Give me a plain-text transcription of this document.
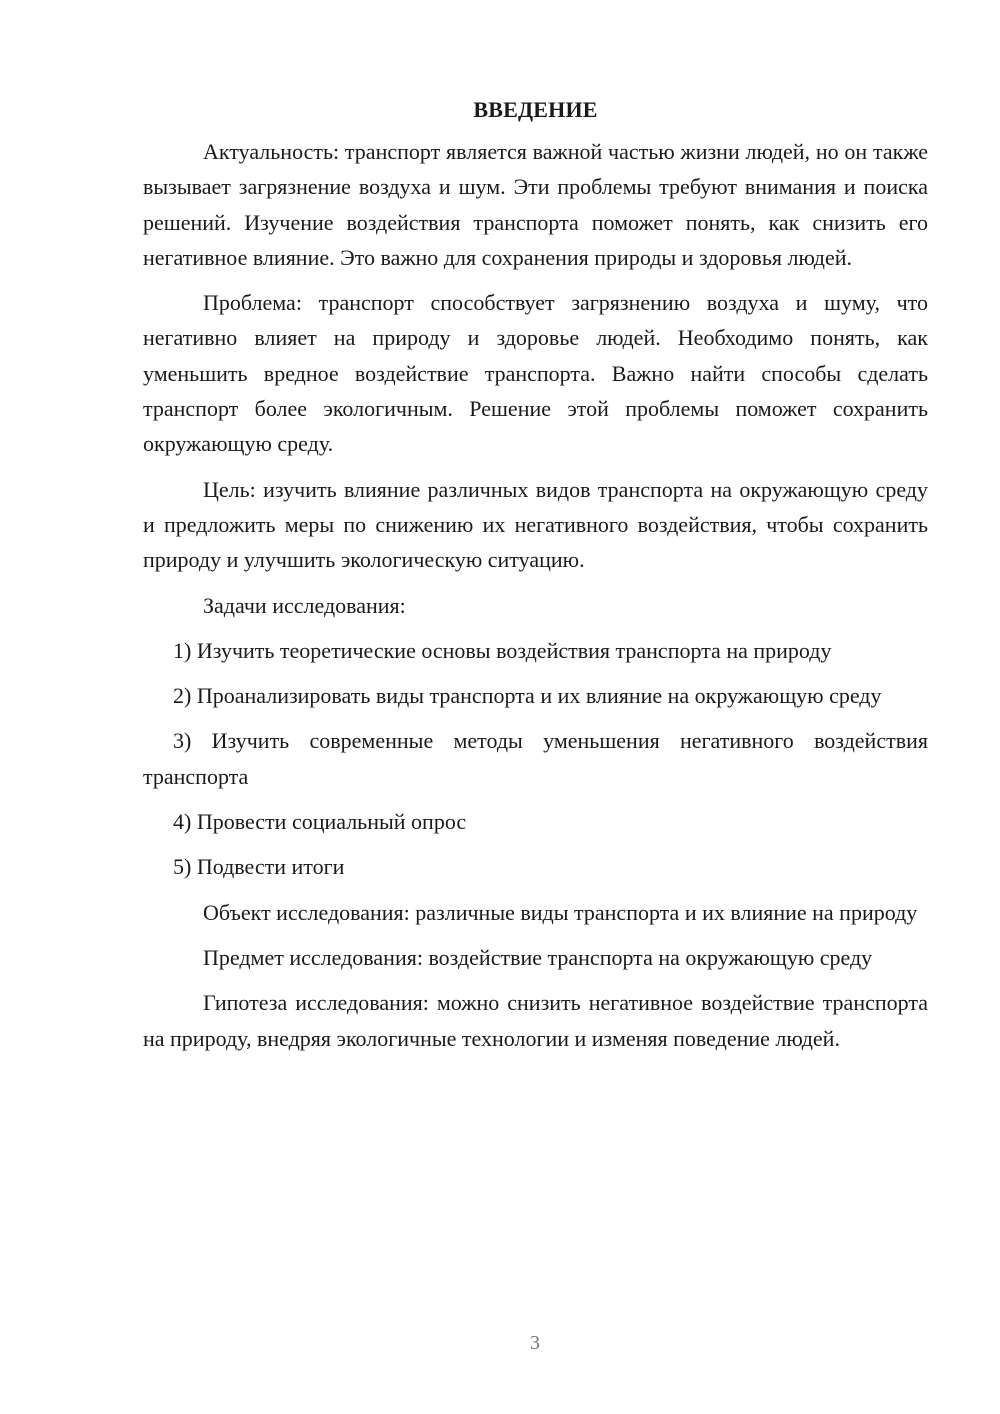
ВВЕДЕНИЕ

Актуальность: транспорт является важной частью жизни людей, но он также вызывает загрязнение воздуха и шум. Эти проблемы требуют внимания и поиска решений. Изучение воздействия транспорта поможет понять, как снизить его негативное влияние. Это важно для сохранения природы и здоровья людей.

Проблема: транспорт способствует загрязнению воздуха и шуму, что негативно влияет на природу и здоровье людей. Необходимо понять, как уменьшить вредное воздействие транспорта. Важно найти способы сделать транспорт более экологичным. Решение этой проблемы поможет сохранить окружающую среду.

Цель: изучить влияние различных видов транспорта на окружающую среду и предложить меры по снижению их негативного воздействия, чтобы сохранить природу и улучшить экологическую ситуацию.

Задачи исследования:

1) Изучить теоретические основы воздействия транспорта на природу

2) Проанализировать виды транспорта и их влияние на окружающую среду

3) Изучить современные методы уменьшения негативного воздействия транспорта

4) Провести социальный опрос

5) Подвести итоги

Объект исследования: различные виды транспорта и их влияние на природу

Предмет исследования: воздействие транспорта на окружающую среду

Гипотеза исследования: можно снизить негативное воздействие транспорта на природу, внедряя экологичные технологии и изменяя поведение людей.

3
